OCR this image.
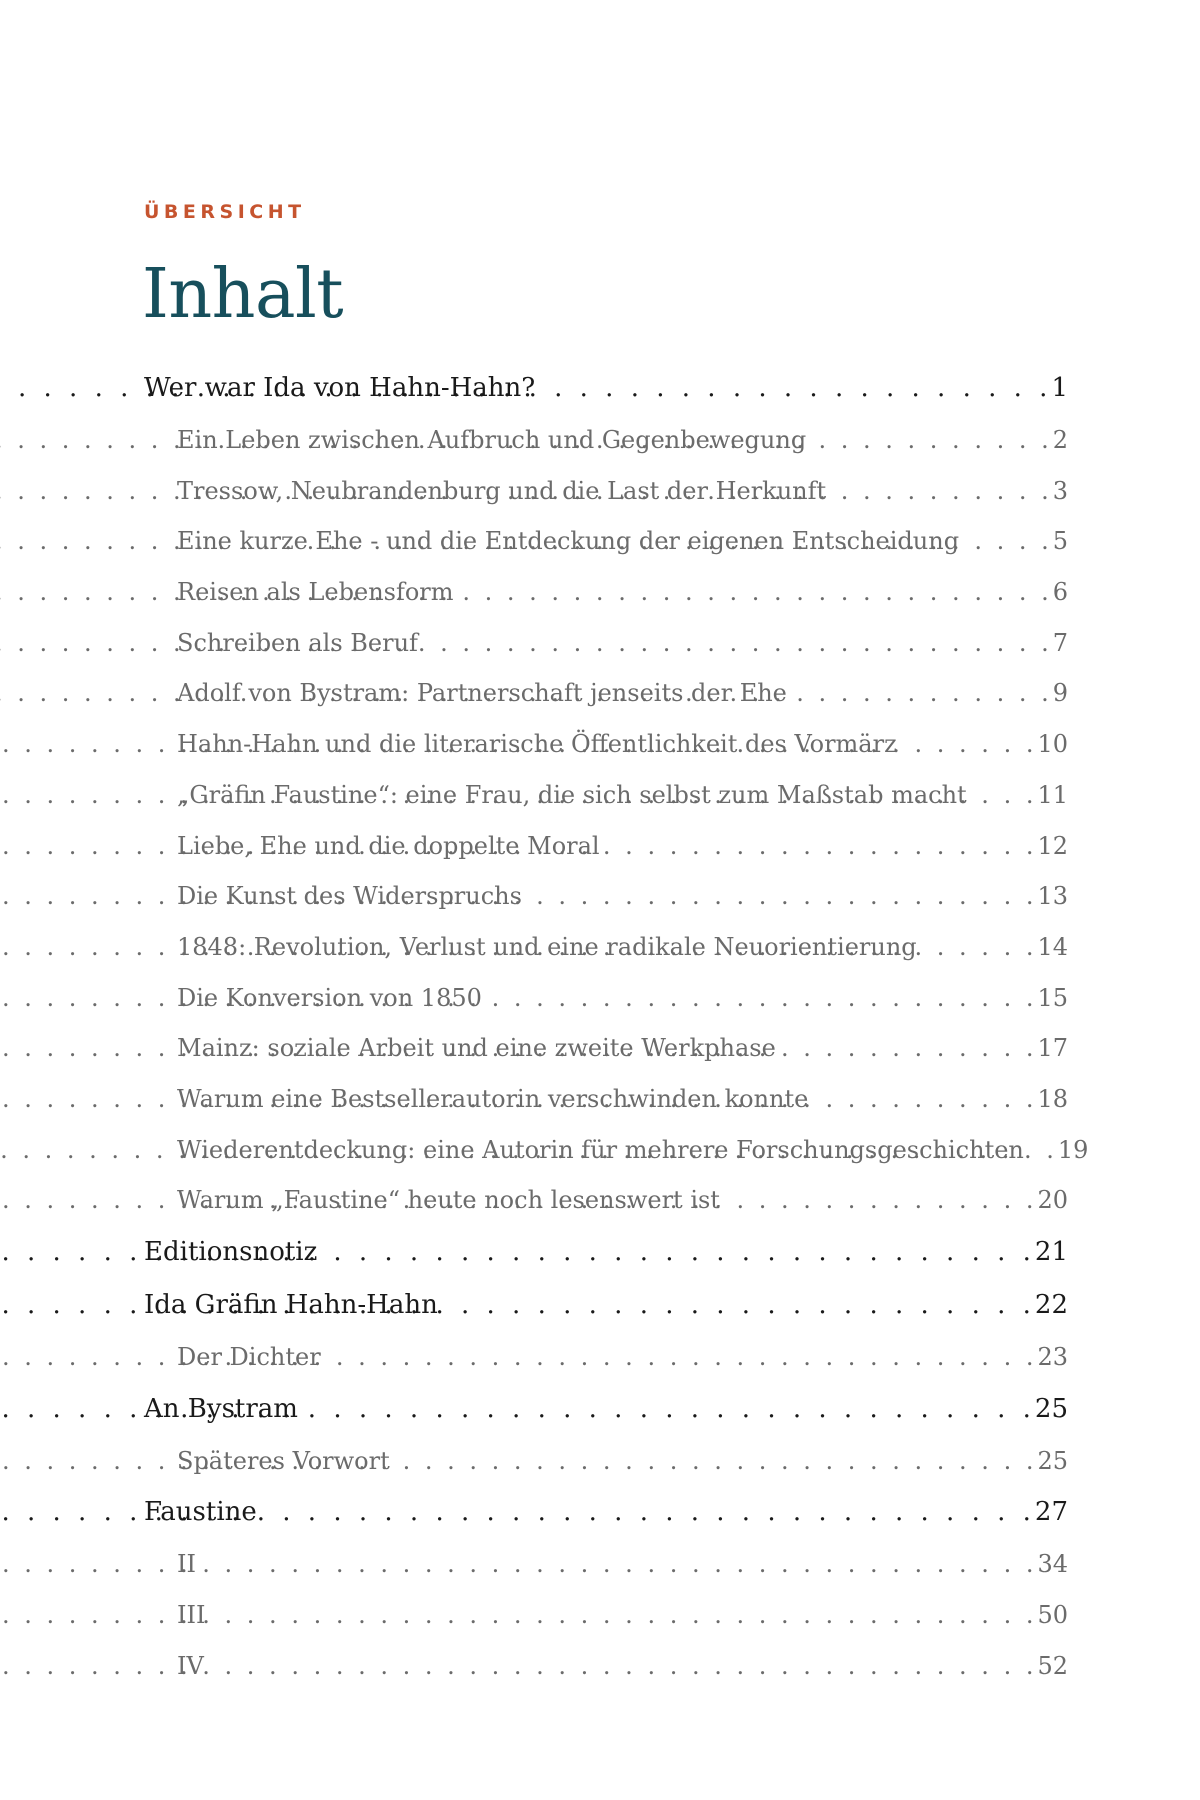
ÜBERSICHT

Inhalt
Wer war Ida von Hahn-Hahn? . . .	1
Ein Leben zwischen Aufbruch und Gegenbewegung . . .	2
Tressow, Neubrandenburg und die Last der Herkunft . . .	3
Eine kurze Ehe - und die Entdeckung der eigenen Entscheidung . . .	5
Reisen als Lebensform . . .	6
Schreiben als Beruf . . .	7
Adolf von Bystram: Partnerschaft jenseits der Ehe . . .	9
Hahn-Hahn und die literarische Öffentlichkeit des Vormärz . . .	10
„Gräfin Faustine“: eine Frau, die sich selbst zum Maßstab macht . . .	11
Liebe, Ehe und die doppelte Moral . . .	12
Die Kunst des Widerspruchs . . .	13
1848: Revolution, Verlust und eine radikale Neuorientierung . . .	14
Die Konversion von 1850 . . .	15
Mainz: soziale Arbeit und eine zweite Werkphase . . .	17
Warum eine Bestsellerautorin verschwinden konnte . . .	18
Wiederentdeckung: eine Autorin für mehrere Forschungsgeschichten . . .	19
Warum „Faustine“ heute noch lesenswert ist . . .	20
Editionsnotiz . . .	21
Ida Gräfin Hahn-Hahn . . .	22
Der Dichter . . .	23
An Bystram . . .	25
Späteres Vorwort . . .	25
Faustine . . .	27
II . . .	34
III . . .	50
IV . . .	52
